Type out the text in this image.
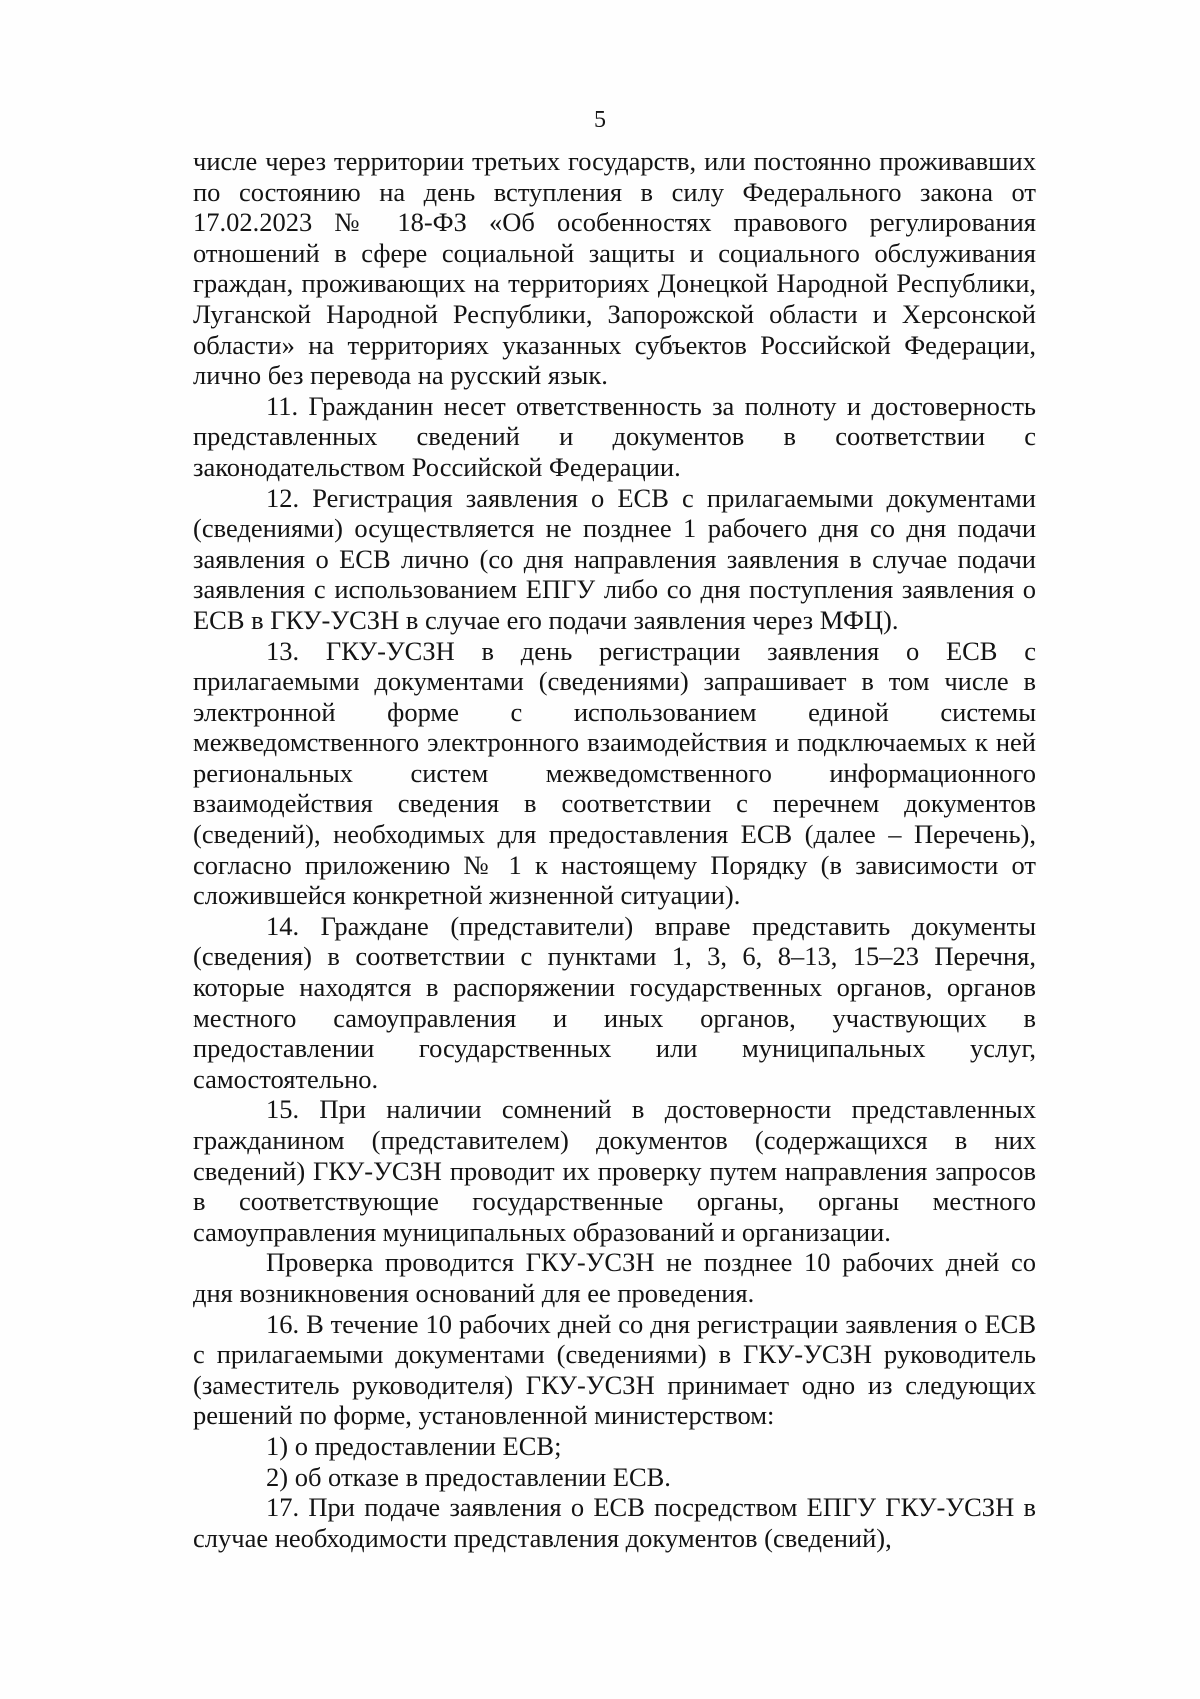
5

числе через территории третьих государств, или постоянно проживавших по состоянию на день вступления в силу Федерального закона от 17.02.2023 № 18-ФЗ «Об особенностях правового регулирования отношений в сфере социальной защиты и социального обслуживания граждан, проживающих на территориях Донецкой Народной Республики, Луганской Народной Республики, Запорожской области и Херсонской области» на территориях указанных субъектов Российской Федерации, лично без перевода на русский язык.

11. Гражданин несет ответственность за полноту и достоверность представленных сведений и документов в соответствии с законодательством Российской Федерации.

12. Регистрация заявления о ЕСВ с прилагаемыми документами (сведениями) осуществляется не позднее 1 рабочего дня со дня подачи заявления о ЕСВ лично (со дня направления заявления в случае подачи заявления с использованием ЕПГУ либо со дня поступления заявления о ЕСВ в ГКУ-УСЗН в случае его подачи заявления через МФЦ).

13. ГКУ-УСЗН в день регистрации заявления о ЕСВ с прилагаемыми документами (сведениями) запрашивает в том числе в электронной форме с использованием единой системы межведомственного электронного взаимодействия и подключаемых к ней региональных систем межведомственного информационного взаимодействия сведения в соответствии с перечнем документов (сведений), необходимых для предоставления ЕСВ (далее – Перечень), согласно приложению № 1 к настоящему Порядку (в зависимости от сложившейся конкретной жизненной ситуации).

14. Граждане (представители) вправе представить документы (сведения) в соответствии с пунктами 1, 3, 6, 8–13, 15–23 Перечня, которые находятся в распоряжении государственных органов, органов местного самоуправления и иных органов, участвующих в предоставлении государственных или муниципальных услуг, самостоятельно.

15. При наличии сомнений в достоверности представленных гражданином (представителем) документов (содержащихся в них сведений) ГКУ-УСЗН проводит их проверку путем направления запросов в соответствующие государственные органы, органы местного самоуправления муниципальных образований и организации.

Проверка проводится ГКУ-УСЗН не позднее 10 рабочих дней со дня возникновения оснований для ее проведения.

16. В течение 10 рабочих дней со дня регистрации заявления о ЕСВ с прилагаемыми документами (сведениями) в ГКУ-УСЗН руководитель (заместитель руководителя) ГКУ-УСЗН принимает одно из следующих решений по форме, установленной министерством:

1) о предоставлении ЕСВ;

2) об отказе в предоставлении ЕСВ.

17. При подаче заявления о ЕСВ посредством ЕПГУ ГКУ-УСЗН в случае необходимости представления документов (сведений),
